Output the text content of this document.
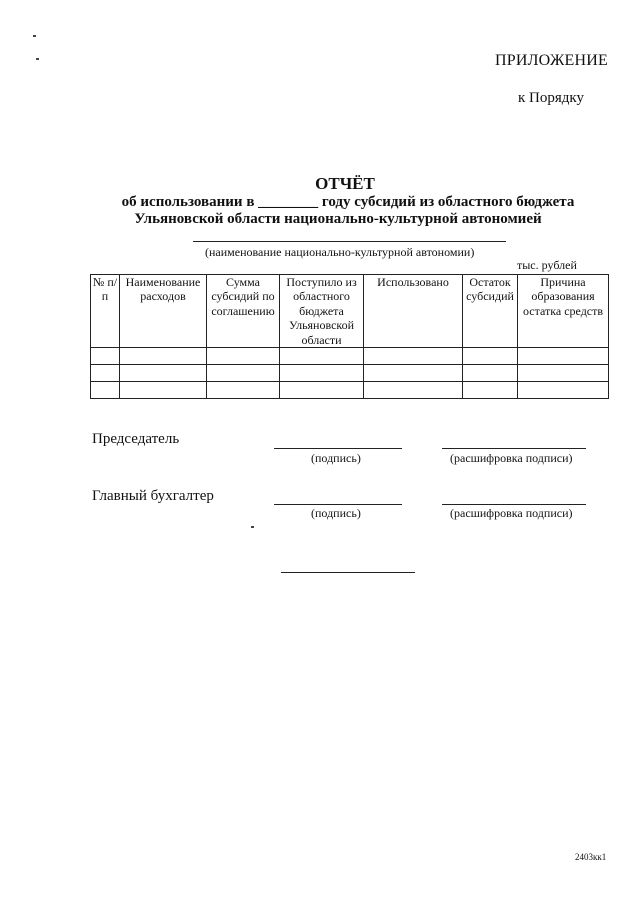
ПРИЛОЖЕНИЕ
к Порядку
ОТЧЁТ
об использовании в ________ году субсидий из областного бюджета
Ульяновской области национально-культурной автономией
(наименование национально-культурной автономии)
тыс. рублей
№ п/п	Наименование расходов	Сумма субсидий по соглашению	Поступило из областного бюджета Ульяновской области	Использовано	Остаток субсидий	Причина образования остатка средств

Председатель
(подпись)	(расшифровка подписи)
Главный бухгалтер
(подпись)	(расшифровка подписи)
2403кк1
